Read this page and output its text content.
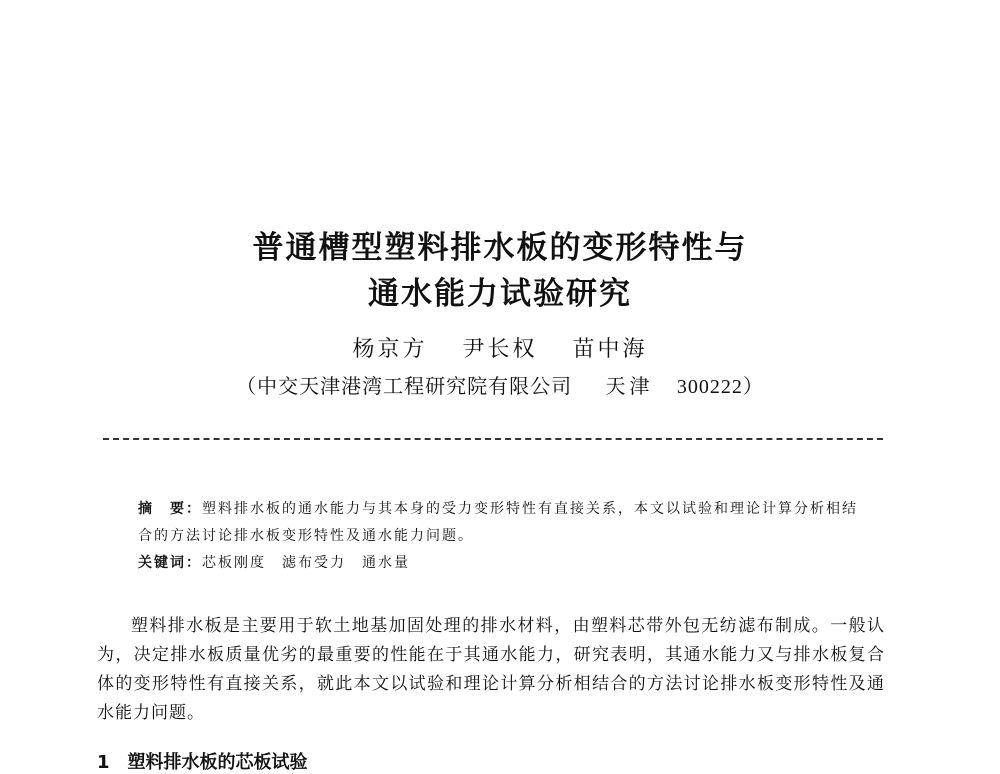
普通槽型塑料排水板的变形特性与
通水能力试验研究
杨京方 尹长权 苗中海
（中交天津港湾工程研究院有限公司 天津 300222）
摘　要：塑料排水板的通水能力与其本身的受力变形特性有直接关系，本文以试验和理论计算分析相结合的方法讨论排水板变形特性及通水能力问题。
关键词：芯板刚度 滤布受力 通水量

塑料排水板是主要用于软土地基加固处理的排水材料，由塑料芯带外包无纺滤布制成。一般认为，决定排水板质量优劣的最重要的性能在于其通水能力，研究表明，其通水能力又与排水板复合体的变形特性有直接关系，就此本文以试验和理论计算分析相结合的方法讨论排水板变形特性及通水能力问题。

1 塑料排水板的芯板试验
